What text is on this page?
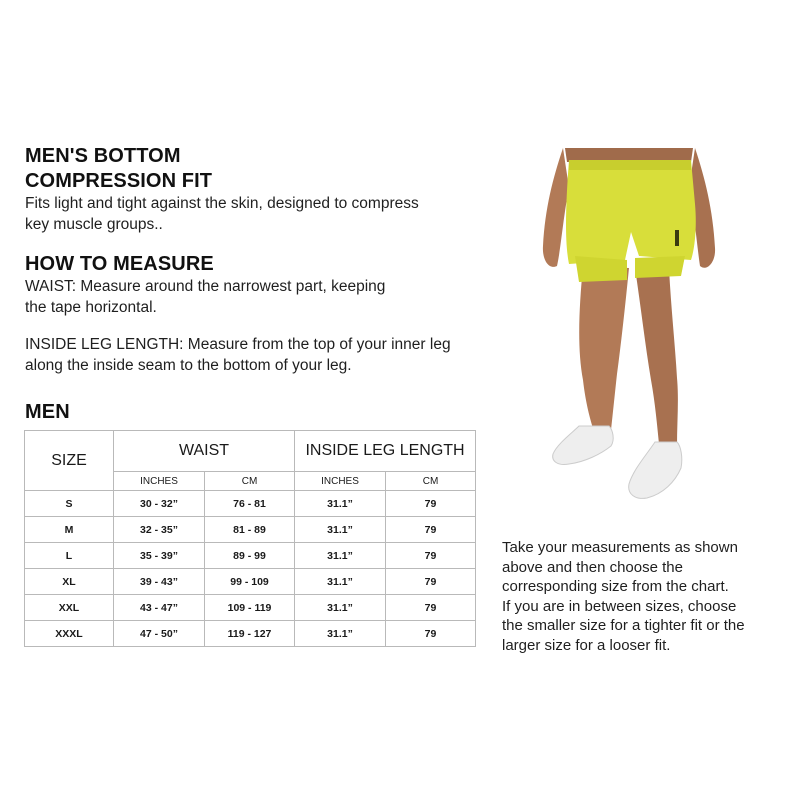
MEN'S BOTTOM
COMPRESSION FIT
Fits light and tight against the skin, designed to compress
key muscle groups..
HOW TO MEASURE
WAIST: Measure around the narrowest part, keeping
the tape horizontal.
INSIDE LEG LENGTH: Measure from the top of your inner leg
along the inside seam to the bottom of your leg.
MEN
SIZE	WAIST		INSIDE LEG LENGTH	
	INCHES	CM	INCHES	CM
S	30 - 32”	76 - 81	31.1”	79
M	32 - 35”	81 - 89	31.1”	79
L	35 - 39”	89 - 99	31.1”	79
XL	39 - 43”	99 - 109	31.1”	79
XXL	43 - 47”	109 - 119	31.1”	79
XXXL	47 - 50”	119 - 127	31.1”	79
Take your measurements as shown
above and then choose the
corresponding size from the chart.
If you are in between sizes, choose
the smaller size for a tighter fit or the
larger size for a looser fit.
